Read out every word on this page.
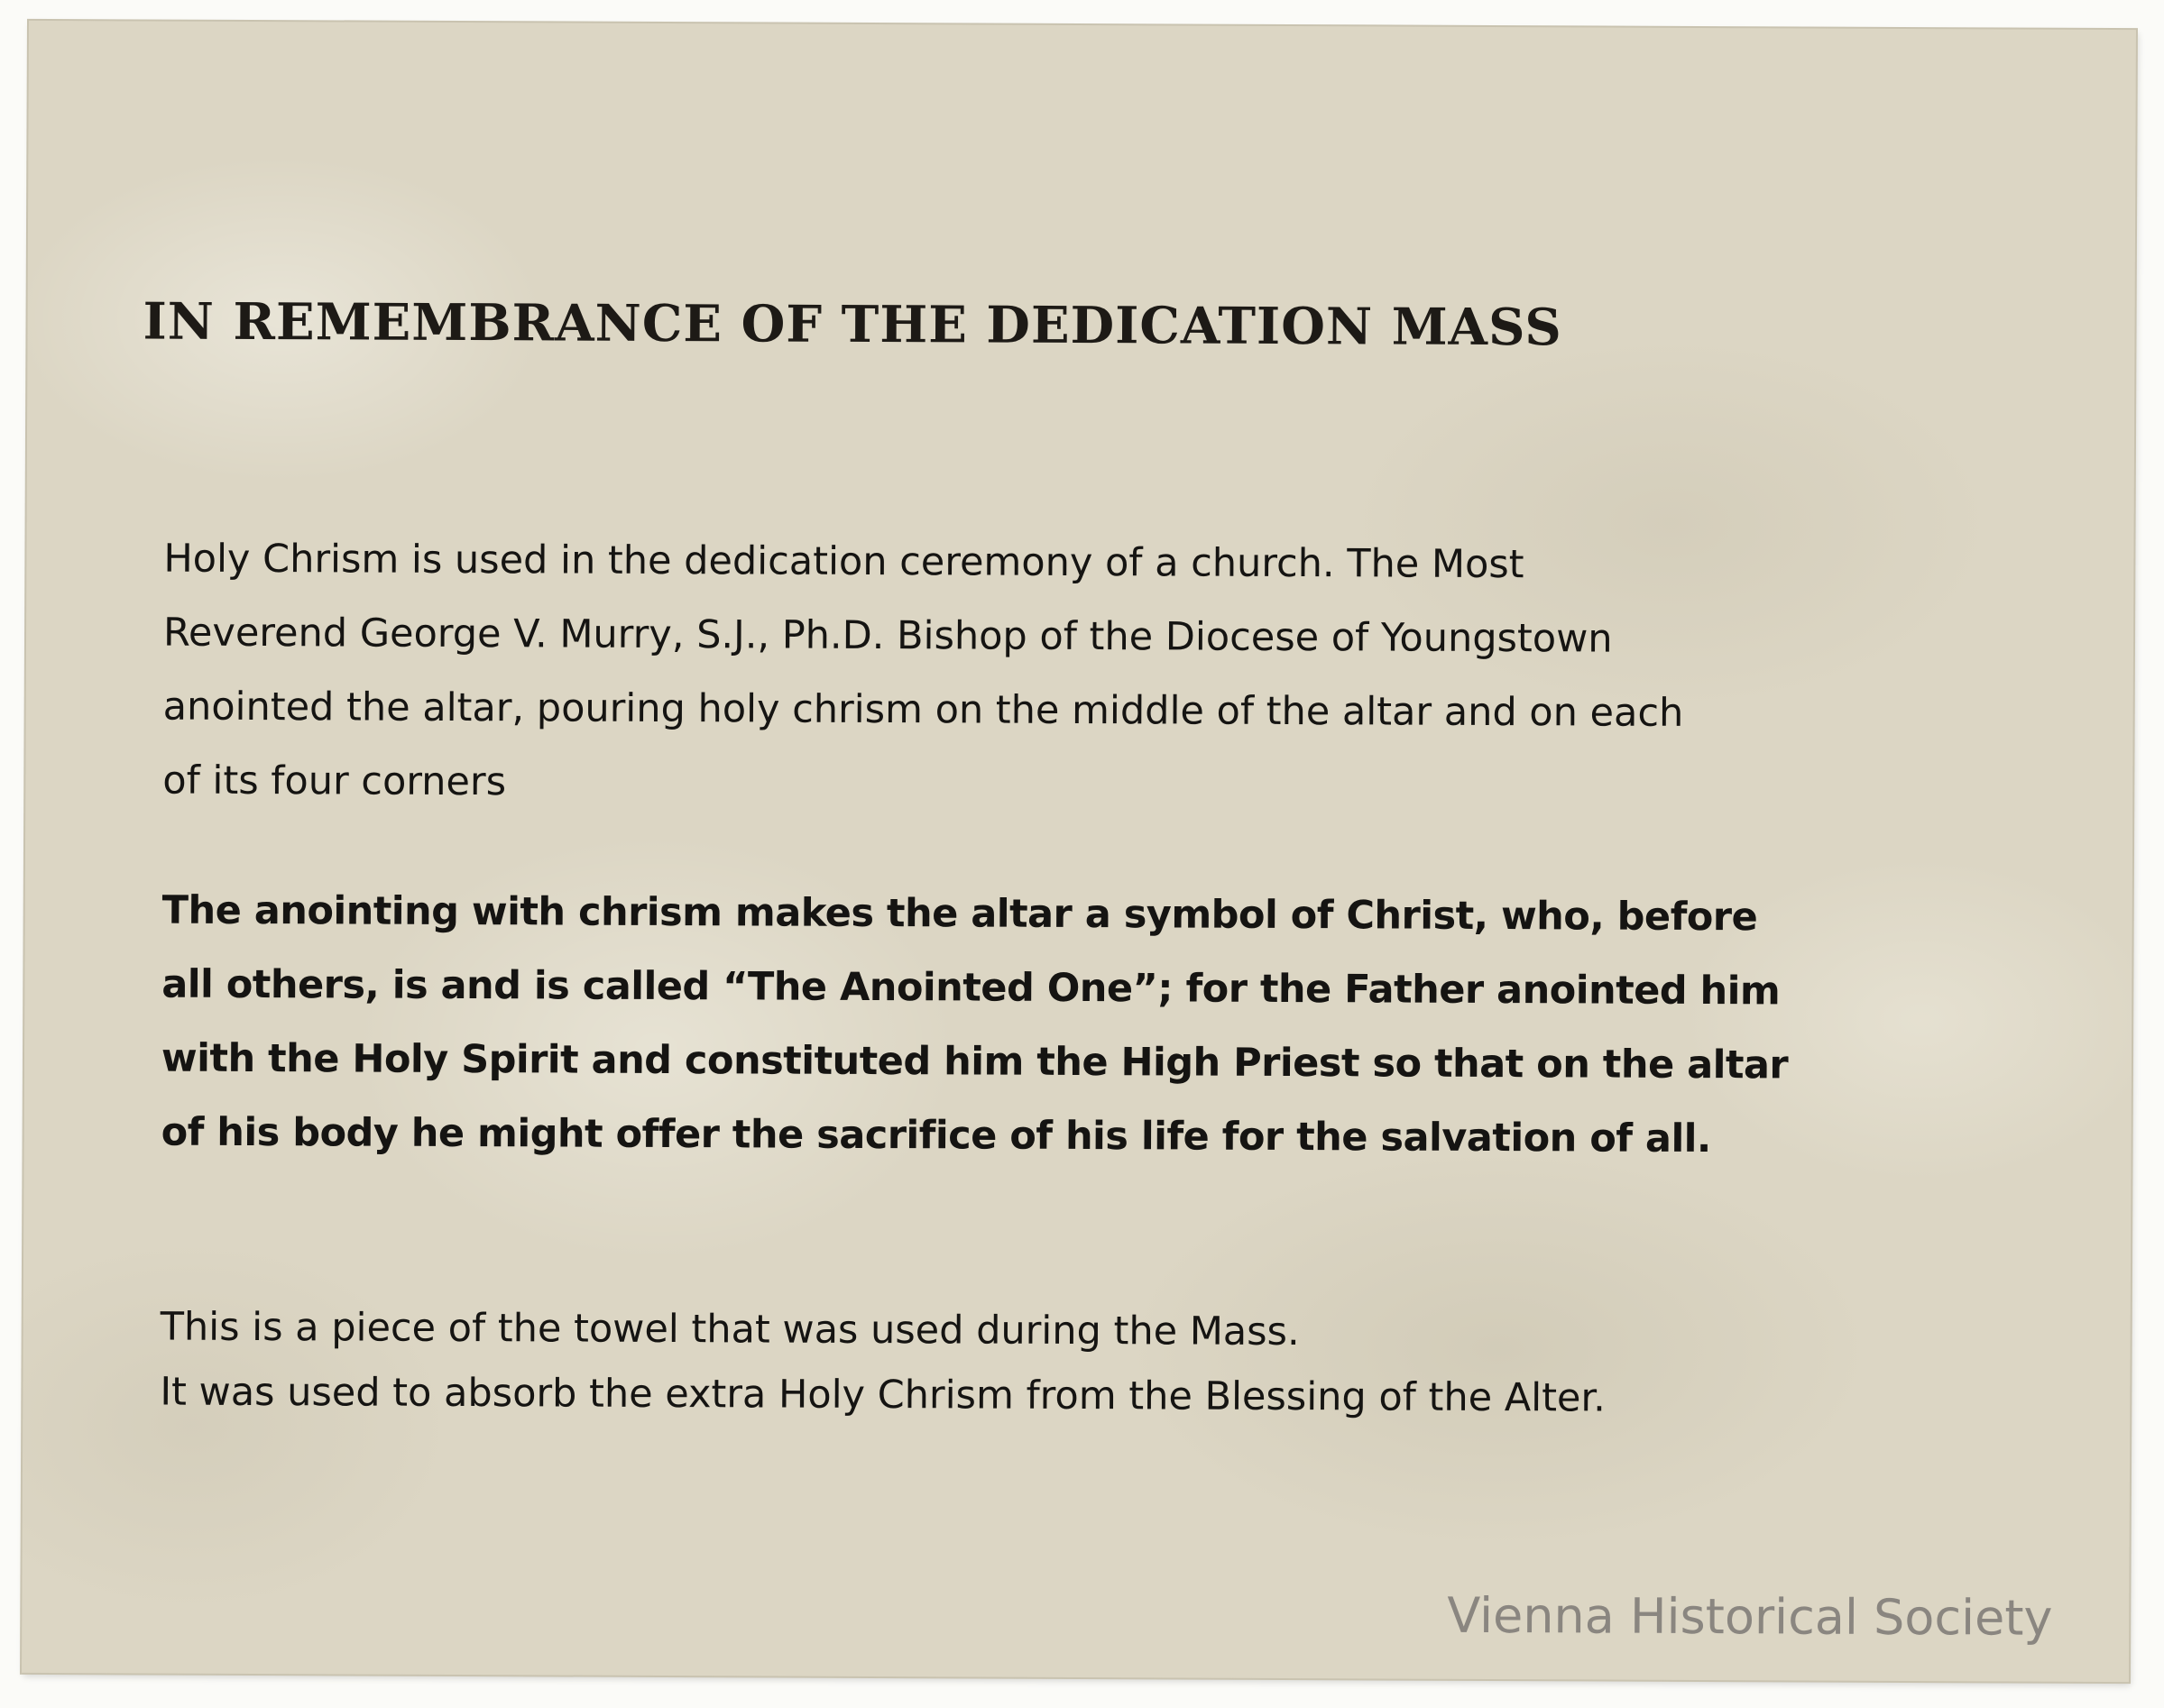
IN REMEMBRANCE OF THE DEDICATION MASS

Holy Chrism is used in the dedication ceremony of a church. The Most
Reverend George V. Murry, S.J., Ph.D. Bishop of the Diocese of Youngstown
anointed the altar, pouring holy chrism on the middle of the altar and on each
of its four corners

The anointing with chrism makes the altar a symbol of Christ, who, before
all others, is and is called “The Anointed One”; for the Father anointed him
with the Holy Spirit and constituted him the High Priest so that on the altar
of his body he might offer the sacrifice of his life for the salvation of all.

This is a piece of the towel that was used during the Mass.
It was used to absorb the extra Holy Chrism from the Blessing of the Alter.

Vienna Historical Society
